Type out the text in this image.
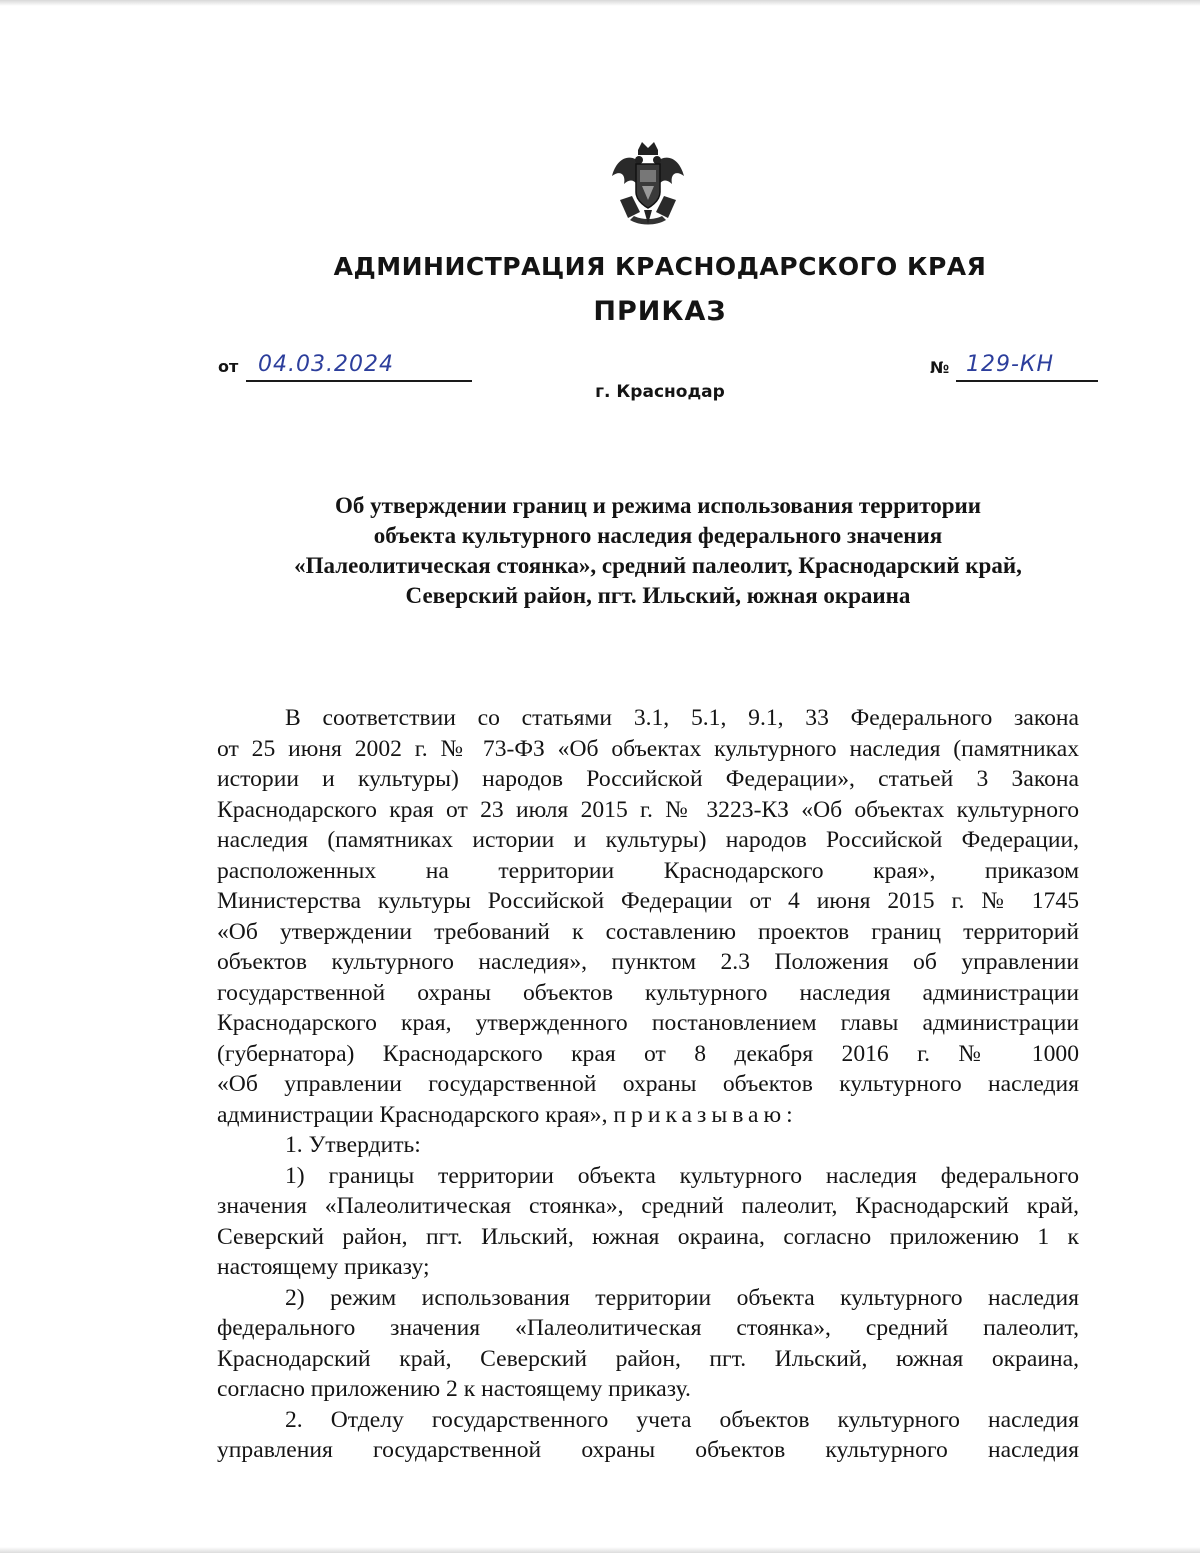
АДМИНИСТРАЦИЯ КРАСНОДАРСКОГО КРАЯ
ПРИКАЗ
от 04.03.2024	№ 129-КН
г. Краснодар
Об утверждении границ и режима использования территории
объекта культурного наследия федерального значения
«Палеолитическая стоянка», средний палеолит, Краснодарский край,
Северский район, пгт. Ильский, южная окраина
В соответствии со статьями 3.1, 5.1, 9.1, 33 Федерального закона
от 25 июня 2002 г. № 73-ФЗ «Об объектах культурного наследия (памятниках
истории и культуры) народов Российской Федерации», статьей 3 Закона
Краснодарского края от 23 июля 2015 г. № 3223-КЗ «Об объектах культурного
наследия (памятниках истории и культуры) народов Российской Федерации,
расположенных на территории Краснодарского края», приказом
Министерства культуры Российской Федерации от 4 июня 2015 г. № 1745
«Об утверждении требований к составлению проектов границ территорий
объектов культурного наследия», пунктом 2.3 Положения об управлении
государственной охраны объектов культурного наследия администрации
Краснодарского края, утвержденного постановлением главы администрации
(губернатора) Краснодарского края от 8 декабря 2016 г. № 1000
«Об управлении государственной охраны объектов культурного наследия
администрации Краснодарского края», приказываю:
1. Утвердить:
1) границы территории объекта культурного наследия федерального
значения «Палеолитическая стоянка», средний палеолит, Краснодарский край,
Северский район, пгт. Ильский, южная окраина, согласно приложению 1 к
настоящему приказу;
2) режим использования территории объекта культурного наследия
федерального значения «Палеолитическая стоянка», средний палеолит,
Краснодарский край, Северский район, пгт. Ильский, южная окраина,
согласно приложению 2 к настоящему приказу.
2. Отделу государственного учета объектов культурного наследия
управления государственной охраны объектов культурного наследия
